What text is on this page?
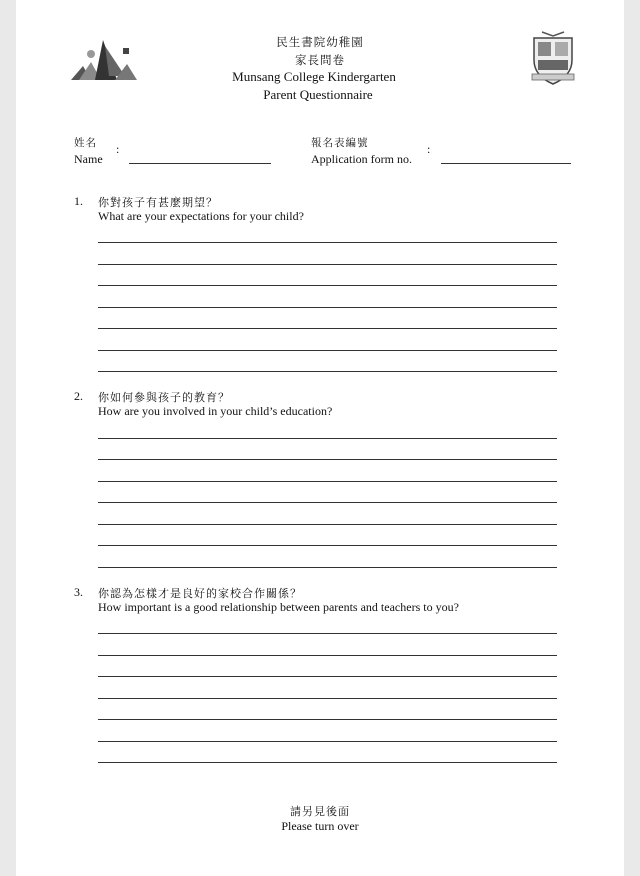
民生書院幼稚園
家長問卷
Munsang College Kindergarten
Parent Questionnaire
姓名
Name
:	報名表編號
Application form no.
:
1. 你對孩子有甚麼期望？
What are your expectations for your child?
2. 你如何參與孩子的教育？
How are you involved in your child’s education?
3. 你認為怎樣才是良好的家校合作關係？
How important is a good relationship between parents and teachers to you?
請另見後面
Please turn over
